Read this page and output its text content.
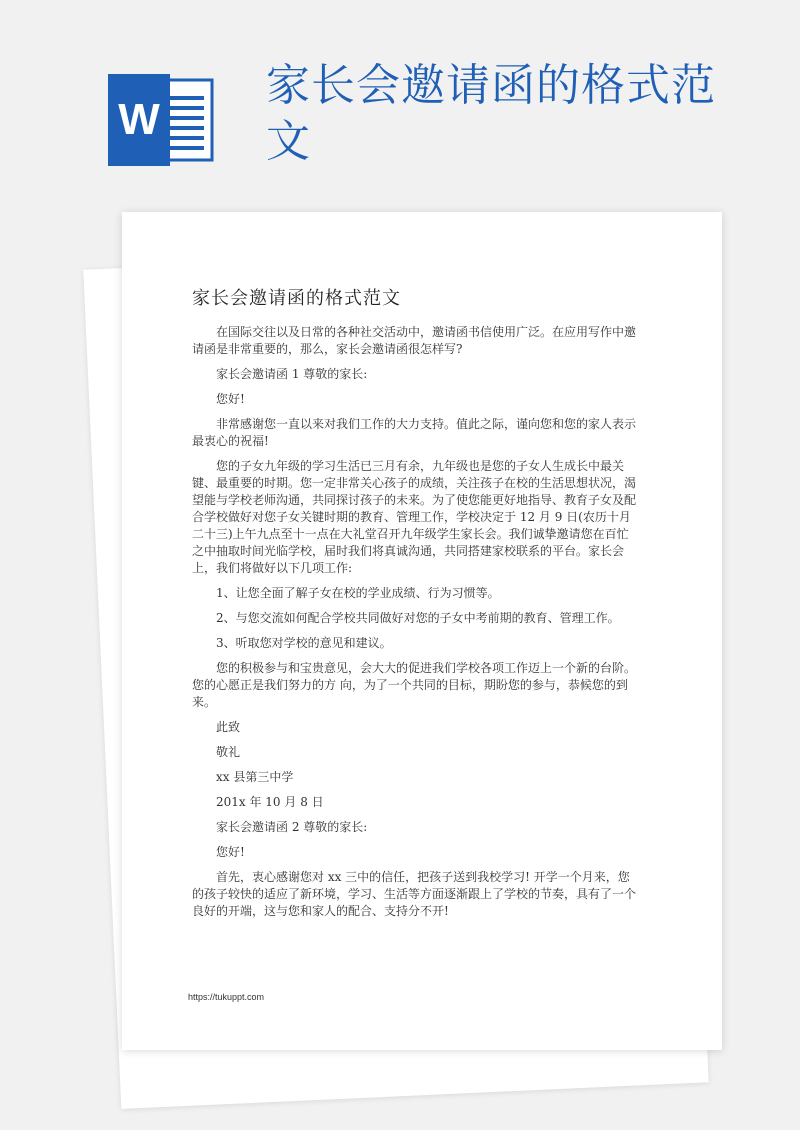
W
家长会邀请函的格式范文
家长会邀请函的格式范文

在国际交往以及日常的各种社交活动中，邀请函书信使用广泛。在应用写作中邀请函是非常重要的，那么，家长会邀请函很怎样写?

家长会邀请函 1 尊敬的家长:

您好!

非常感谢您一直以来对我们工作的大力支持。值此之际，谨向您和您的家人表示最衷心的祝福!

您的子女九年级的学习生活已三月有余，九年级也是您的子女人生成长中最关键、最重要的时期。您一定非常关心孩子的成绩，关注孩子在校的生活思想状况，渴望能与学校老师沟通，共同探讨孩子的未来。为了使您能更好地指导、教育子女及配合学校做好对您子女关键时期的教育、管理工作，学校决定于 12 月 9 日(农历十月二十三)上午九点至十一点在大礼堂召开九年级学生家长会。我们诚挚邀请您在百忙之中抽取时间光临学校，届时我们将真诚沟通，共同搭建家校联系的平台。家长会上，我们将做好以下几项工作:

1、让您全面了解子女在校的学业成绩、行为习惯等。

2、与您交流如何配合学校共同做好对您的子女中考前期的教育、管理工作。

3、听取您对学校的意见和建议。

您的积极参与和宝贵意见，会大大的促进我们学校各项工作迈上一个新的台阶。您的心愿正是我们努力的方 向，为了一个共同的目标，期盼您的参与，恭候您的到来。

此致

敬礼

xx 县第三中学

201x 年 10 月 8 日

家长会邀请函 2 尊敬的家长:

您好!

首先，衷心感谢您对 xx 三中的信任，把孩子送到我校学习! 开学一个月来，您的孩子较快的适应了新环境，学习、生活等方面逐渐跟上了学校的节奏，具有了一个良好的开端，这与您和家人的配合、支持分不开!

https://tukuppt.com
